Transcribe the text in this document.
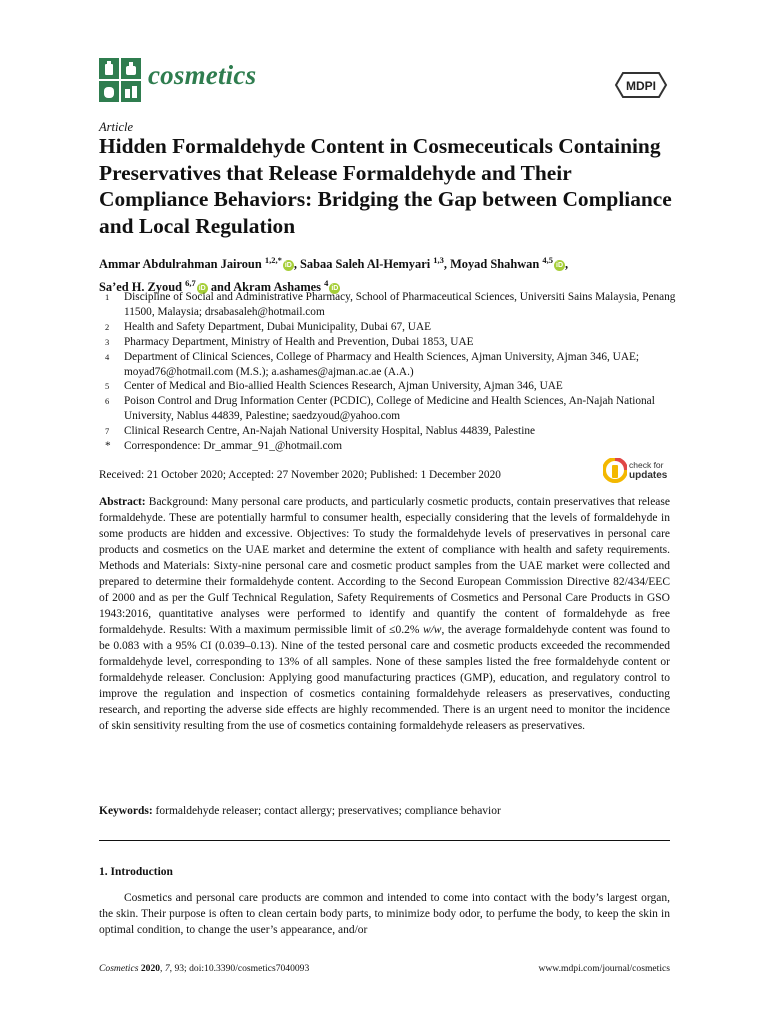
cosmetics	MDPI
Article
Hidden Formaldehyde Content in Cosmeceuticals Containing Preservatives that Release Formaldehyde and Their Compliance Behaviors: Bridging the Gap between Compliance and Local Regulation
Ammar Abdulrahman Jairoun $^{1,2,*}$iD , Sabaa Saleh Al-Hemyari $^{1,3}$, Moyad Shahwan $^{4,5}$iD ,
Sa’ed H. Zyoud $^{6,7}$iD and Akram Ashames $^4$iD
1	Discipline of Social and Administrative Pharmacy, School of Pharmaceutical Sciences, Universiti Sains Malaysia, Penang 11500, Malaysia; drsabasaleh@hotmail.com
2	Health and Safety Department, Dubai Municipality, Dubai 67, UAE
3	Pharmacy Department, Ministry of Health and Prevention, Dubai 1853, UAE
4	Department of Clinical Sciences, College of Pharmacy and Health Sciences, Ajman University, Ajman 346, UAE; moyad76@hotmail.com (M.S.); a.ashames@ajman.ac.ae (A.A.)
5	Center of Medical and Bio-allied Health Sciences Research, Ajman University, Ajman 346, UAE
6	Poison Control and Drug Information Center (PCDIC), College of Medicine and Health Sciences, An-Najah National University, Nablus 44839, Palestine; saedzyoud@yahoo.com
7	Clinical Research Centre, An-Najah National University Hospital, Nablus 44839, Palestine
*	Correspondence: Dr_ammar_91_@hotmail.com
Received: 21 October 2020; Accepted: 27 November 2020; Published: 1 December 2020
check for
updates

Abstract: Background: Many personal care products, and particularly cosmetic products, contain preservatives that release formaldehyde. These are potentially harmful to consumer health, especially considering that the levels of formaldehyde in some products are hidden and excessive. Objectives: To study the formaldehyde levels of preservatives in personal care products and cosmetics on the UAE market and determine the extent of compliance with health and safety requirements. Methods and Materials: Sixty-nine personal care and cosmetic product samples from the UAE market were collected and prepared to determine their formaldehyde content. According to the Second European Commission Directive 82/434/EEC of 2000 and as per the Gulf Technical Regulation, Safety Requirements of Cosmetics and Personal Care Products in GSO 1943:2016, quantitative analyses were performed to identify and quantify the content of formaldehyde as free formaldehyde. Results: With a maximum permissible limit of ≤0.2% w/w, the average formaldehyde content was found to be 0.083 with a 95% CI (0.039–0.13). Nine of the tested personal care and cosmetic products exceeded the recommended formaldehyde level, corresponding to 13% of all samples. None of these samples listed the free formaldehyde content or formaldehyde releaser. Conclusion: Applying good manufacturing practices (GMP), education, and regulatory control to improve the regulation and inspection of cosmetics containing formaldehyde releasers as preservatives, conducting research, and reporting the adverse side effects are highly recommended. There is an urgent need to monitor the incidence of skin sensitivity resulting from the use of cosmetics containing formaldehyde releasers as preservatives.

Keywords: formaldehyde releaser; contact allergy; preservatives; compliance behavior
1. Introduction

Cosmetics and personal care products are common and intended to come into contact with the body’s largest organ, the skin. Their purpose is often to clean certain body parts, to minimize body odor, to perfume the body, to keep the skin in optimal condition, to change the user’s appearance, and/or

Cosmetics 2020, 7, 93; doi:10.3390/cosmetics7040093	www.mdpi.com/journal/cosmetics
